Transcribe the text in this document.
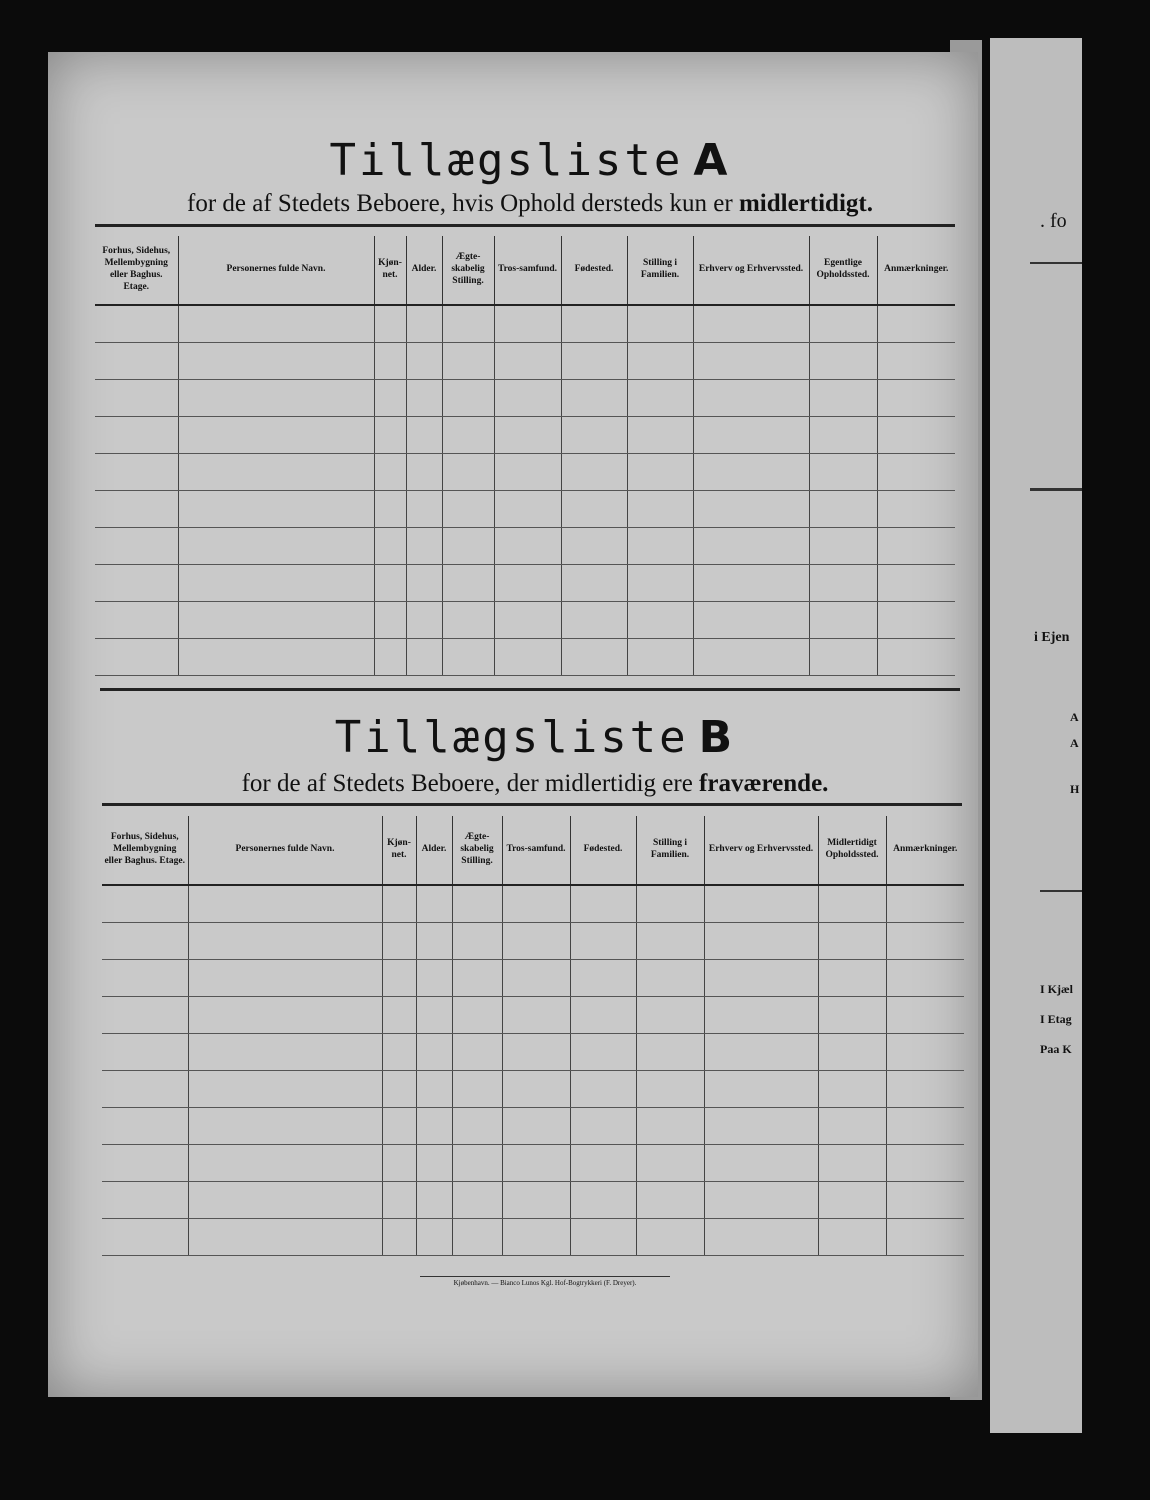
Tillægsliste A
for de af Stedets Beboere, hvis Ophold dersteds kun er midlertidigt.
Forhus, Sidehus, Mellembygning eller Baghus. Etage.	Personernes fulde Navn.	Kjøn-net.	Alder.	Ægte-skabelig Stilling.	Tros-samfund.	Fødested.	Stilling i Familien.	Erhverv og Erhvervssted.	Egentlige Opholdssted.	Anmærkninger.

Tillægsliste B
for de af Stedets Beboere, der midlertidig ere fraværende.
Forhus, Sidehus, Mellembygning eller Baghus. Etage.	Personernes fulde Navn.	Kjøn-net.	Alder.	Ægte-skabelig Stilling.	Tros-samfund.	Fødested.	Stilling i Familien.	Erhverv og Erhvervssted.	Midlertidigt Opholdssted.	Anmærkninger.

Kjøbenhavn. — Bianco Lunos Kgl. Hof-Bogtrykkeri (F. Dreyer).
. fo
i Ejen
A
A
H
I Kjæl
I Etag
Paa K
